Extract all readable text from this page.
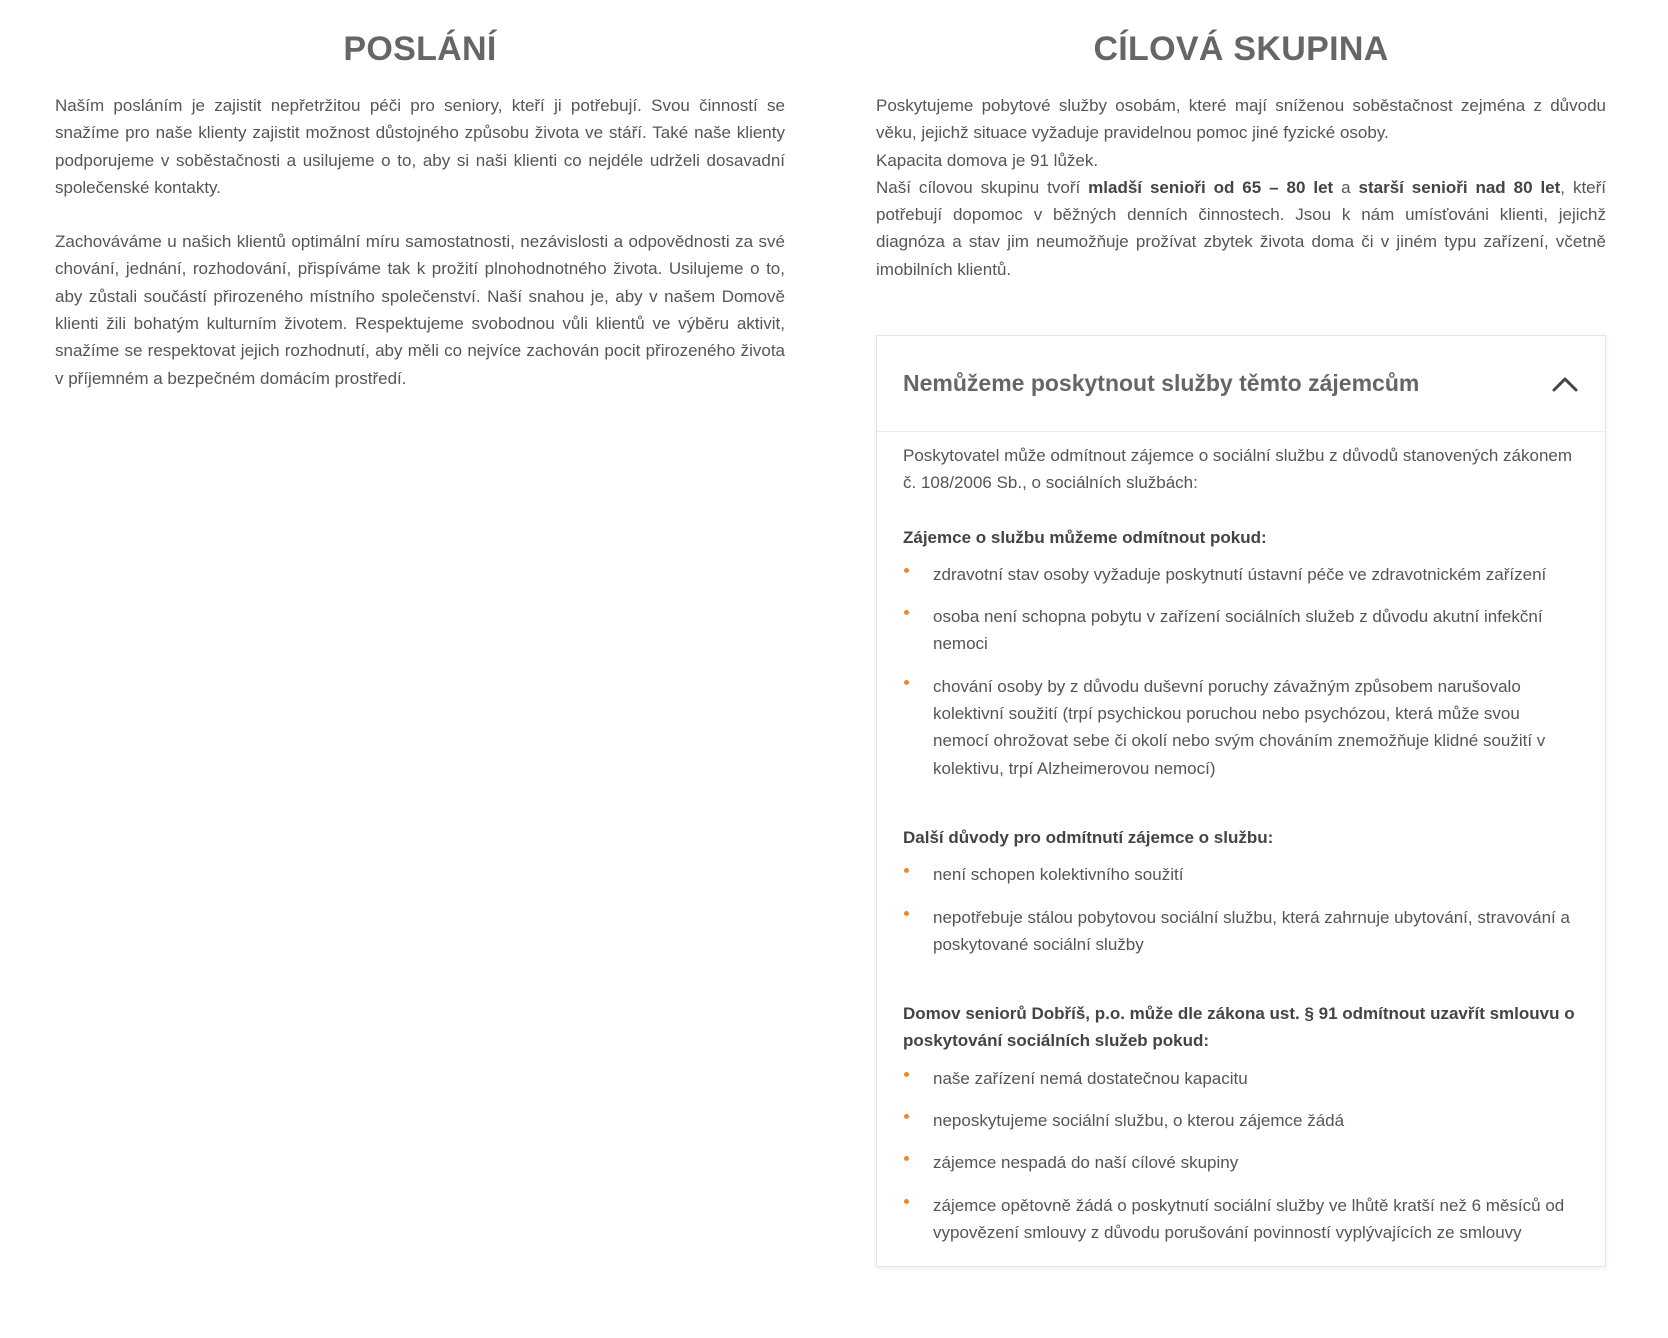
POSLÁNÍ

Naším posláním je zajistit nepřetržitou péči pro seniory, kteří ji potřebují. Svou činností se snažíme pro naše klienty zajistit možnost důstojného způsobu života ve stáří. Také naše klienty podporujeme v soběstačnosti a usilujeme o to, aby si naši klienti co nejdéle udrželi dosavadní společenské kontakty.

Zachováváme u našich klientů optimální míru samostatnosti, nezávislosti a odpovědnosti za své chování, jednání, rozhodování, přispíváme tak k prožití plnohodnotného života. Usilujeme o to, aby zůstali součástí přirozeného místního společenství. Naší snahou je, aby v našem Domově klienti žili bohatým kulturním životem. Respektujeme svobodnou vůli klientů ve výběru aktivit, snažíme se respektovat jejich rozhodnutí, aby měli co nejvíce zachován pocit přirozeného života v příjemném a bezpečném domácím prostředí.

CÍLOVÁ SKUPINA

Poskytujeme pobytové služby osobám, které mají sníženou soběstačnost zejména z důvodu věku, jejichž situace vyžaduje pravidelnou pomoc jiné fyzické osoby.

Kapacita domova je 91 lůžek.

Naší cílovou skupinu tvoří mladší senioři od 65 – 80 let a starší senioři nad 80 let, kteří potřebují dopomoc v běžných denních činnostech. Jsou k nám umísťováni klienti, jejichž diagnóza a stav jim neumožňuje prožívat zbytek života doma či v jiném typu zařízení, včetně imobilních klientů.

Nemůžeme poskytnout služby těmto zájemcům

Poskytovatel může odmítnout zájemce o sociální službu z důvodů stanovených zákonem č. 108/2006 Sb., o sociálních službách:

Zájemce o službu můžeme odmítnout pokud:

zdravotní stav osoby vyžaduje poskytnutí ústavní péče ve zdravotnickém zařízení
osoba není schopna pobytu v zařízení sociálních služeb z důvodu akutní infekční nemoci
chování osoby by z důvodu duševní poruchy závažným způsobem narušovalo kolektivní soužití (trpí psychickou poruchou nebo psychózou, která může svou nemocí ohrožovat sebe či okolí nebo svým chováním znemožňuje klidné soužití v kolektivu, trpí Alzheimerovou nemocí)

Další důvody pro odmítnutí zájemce o službu:

není schopen kolektivního soužití
nepotřebuje stálou pobytovou sociální službu, která zahrnuje ubytování, stravování a poskytované sociální služby

Domov seniorů Dobříš, p.o. může dle zákona ust. § 91 odmítnout uzavřít smlouvu o poskytování sociálních služeb pokud:

naše zařízení nemá dostatečnou kapacitu
neposkytujeme sociální službu, o kterou zájemce žádá
zájemce nespadá do naší cílové skupiny
zájemce opětovně žádá o poskytnutí sociální služby ve lhůtě kratší než 6 měsíců od vypovězení smlouvy z důvodu porušování povinností vyplývajících ze smlouvy
